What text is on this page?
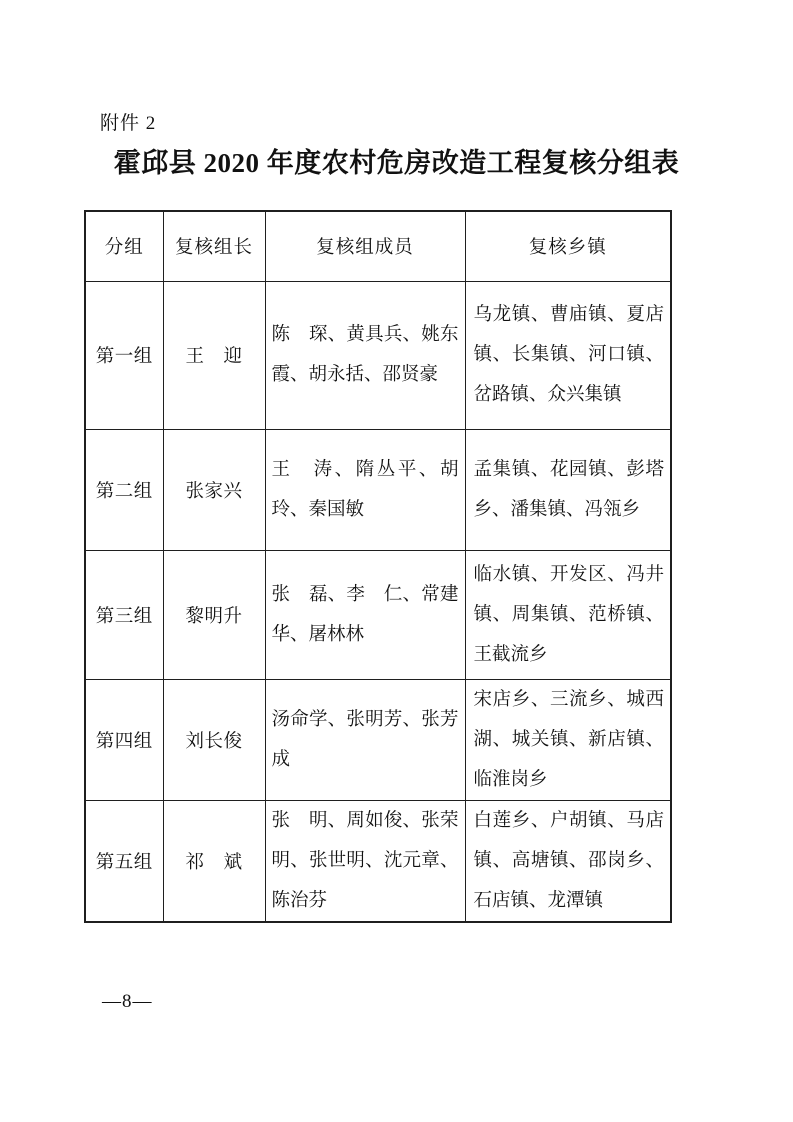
附件 2
霍邱县 2020 年度农村危房改造工程复核分组表
分组	复核组长	复核组成员	复核乡镇
第一组	王　迎	陈　琛、黄具兵、姚东霞、胡永括、邵贤豪	乌龙镇、曹庙镇、夏店镇、长集镇、河口镇、岔路镇、众兴集镇
第二组	张家兴	王　涛、隋丛平、胡玲、秦国敏	孟集镇、花园镇、彭塔乡、潘集镇、冯瓴乡
第三组	黎明升	张　磊、李　仁、常建华、屠林林	临水镇、开发区、冯井镇、周集镇、范桥镇、王截流乡
第四组	刘长俊	汤命学、张明芳、张芳成	宋店乡、三流乡、城西湖、城关镇、新店镇、临淮岗乡
第五组	祁　斌	张　明、周如俊、张荣明、张世明、沈元章、陈治芬	白莲乡、户胡镇、马店镇、高塘镇、邵岗乡、石店镇、龙潭镇
—8—
